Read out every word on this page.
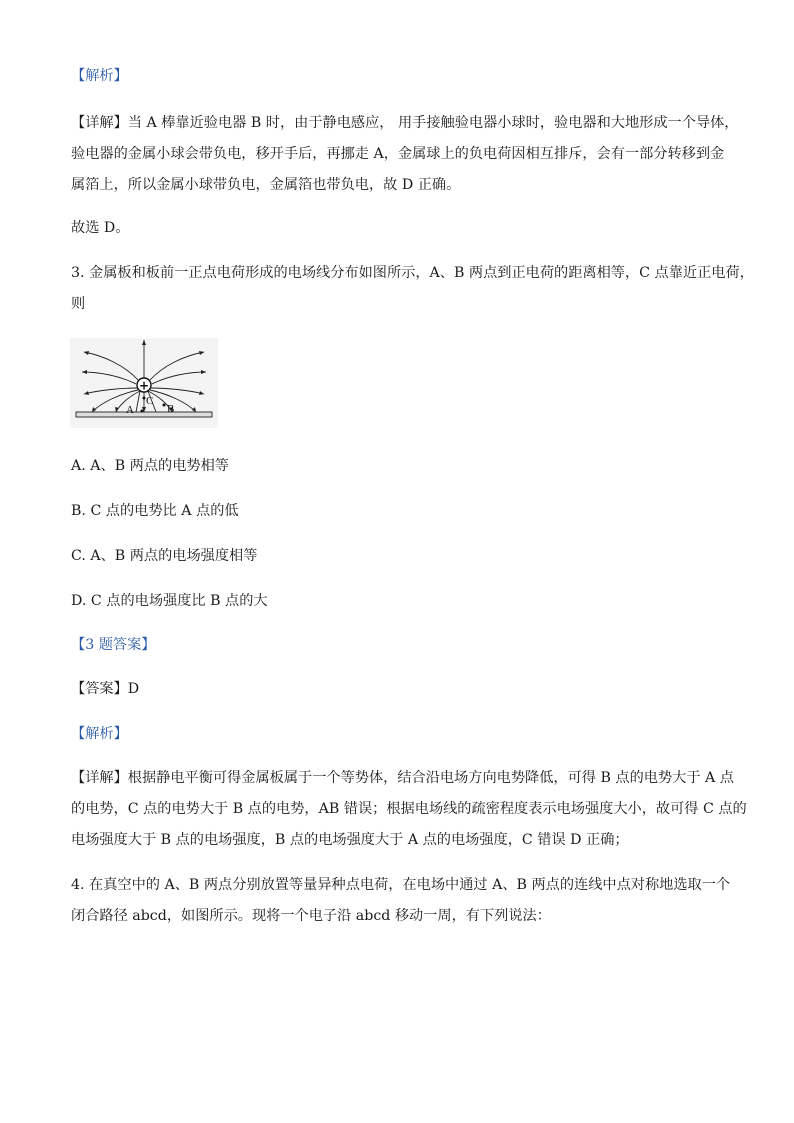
【解析】
【详解】当 A 棒靠近验电器 B 时，由于静电感应， 用手接触验电器小球时，验电器和大地形成一个导体，
验电器的金属小球会带负电，移开手后，再挪走 A，金属球上的负电荷因相互排斥，会有一部分转移到金
属箔上，所以金属小球带负电，金属箔也带负电，故 D 正确。
故选 D。
3. 金属板和板前一正点电荷形成的电场线分布如图所示，A、B 两点到正电荷的距离相等，C 点靠近正电荷，
则
+
C
A	B
A. A、B 两点的电势相等
B. C 点的电势比 A 点的低
C. A、B 两点的电场强度相等
D. C 点的电场强度比 B 点的大
【3 题答案】
【答案】D
【解析】
【详解】根据静电平衡可得金属板属于一个等势体，结合沿电场方向电势降低，可得 B 点的电势大于 A 点
的电势，C 点的电势大于 B 点的电势，AB 错误；根据电场线的疏密程度表示电场强度大小，故可得 C 点的
电场强度大于 B 点的电场强度，B 点的电场强度大于 A 点的电场强度，C 错误 D 正确；
4. 在真空中的 A、B 两点分别放置等量异种点电荷，在电场中通过 A、B 两点的连线中点对称地选取一个
闭合路径 abcd，如图所示。现将一个电子沿 abcd 移动一周，有下列说法：
